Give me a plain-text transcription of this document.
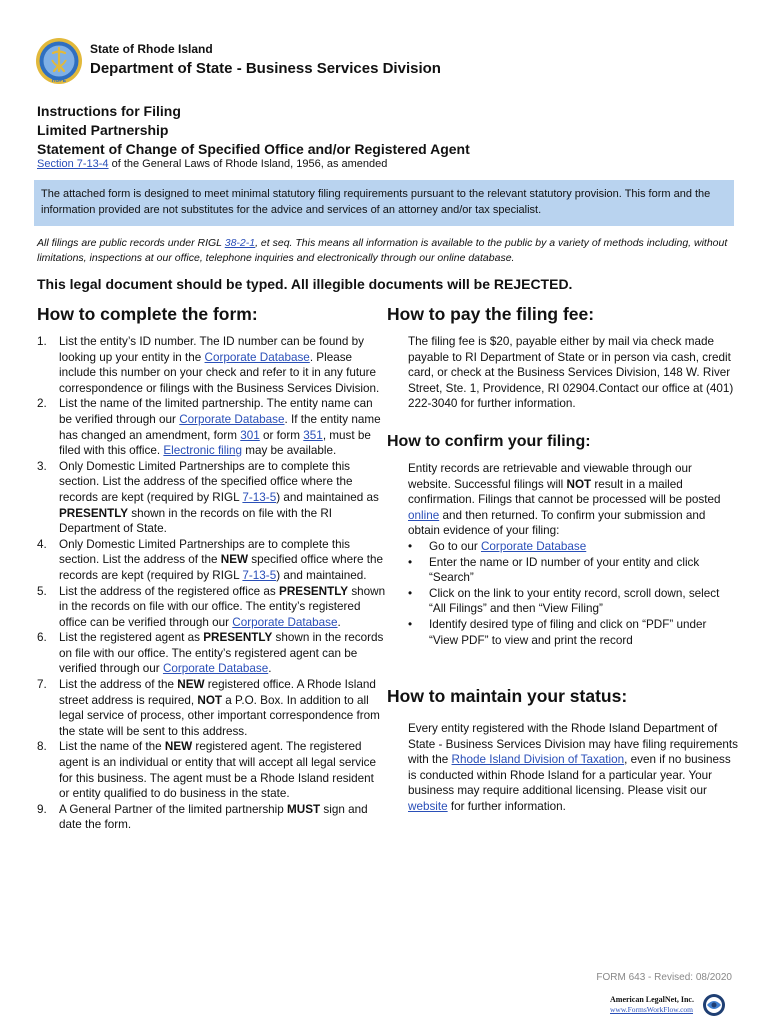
HOPE
State of Rhode Island
Department of State - Business Services Division
Instructions for Filing
Limited Partnership
Statement of Change of Specified Office and/or Registered Agent
Section 7-13-4 of the General Laws of Rhode Island, 1956, as amended
The attached form is designed to meet minimal statutory filing requirements pursuant to the relevant statutory provision. This form and the information provided are not substitutes for the advice and services of an attorney and/or tax specialist.
All filings are public records under RIGL 38-2-1, et seq. This means all information is available to the public by a variety of methods including, without limitations, inspections at our office, telephone inquiries and electronically through our online database.
This legal document should be typed. All illegible documents will be REJECTED.
How to complete the form:
1. List the entity’s ID number. The ID number can be found by looking up your entity in the Corporate Database. Please include this number on your check and refer to it in any future correspondence or filings with the Business Services Division.
2. List the name of the limited partnership. The entity name can be verified through our Corporate Database. If the entity name has changed an amendment, form 301 or form 351, must be filed with this office. Electronic filing may be available.
3. Only Domestic Limited Partnerships are to complete this section. List the address of the specified office where the records are kept (required by RIGL 7-13-5) and maintained as PRESENTLY shown in the records on file with the RI Department of State.
4. Only Domestic Limited Partnerships are to complete this section. List the address of the NEW specified office where the records are kept (required by RIGL 7-13-5) and maintained.
5. List the address of the registered office as PRESENTLY shown in the records on file with our office. The entity’s registered office can be verified through our Corporate Database.
6. List the registered agent as PRESENTLY shown in the records on file with our office. The entity’s registered agent can be verified through our Corporate Database.
7. List the address of the NEW registered office. A Rhode Island street address is required, NOT a P.O. Box. In addition to all legal service of process, other important correspondence from the state will be sent to this address.
8. List the name of the NEW registered agent. The registered agent is an individual or entity that will accept all legal service for this business. The agent must be a Rhode Island resident or entity qualified to do business in the state.
9. A General Partner of the limited partnership MUST sign and date the form.
How to pay the filing fee:
The filing fee is $20, payable either by mail via check made payable to RI Department of State or in person via cash, credit card, or check at the Business Services Division, 148 W. River Street, Ste. 1, Providence, RI 02904.Contact our office at (401) 222-3040 for further information.
How to confirm your filing:
Entity records are retrievable and viewable through our website. Successful filings will NOT result in a mailed confirmation. Filings that cannot be processed will be posted online and then returned. To confirm your submission and obtain evidence of your filing:
• Go to our Corporate Database
• Enter the name or ID number of your entity and click “Search”
• Click on the link to your entity record, scroll down, select “All Filings” and then “View Filing”
• Identify desired type of filing and click on “PDF” under “View PDF” to view and print the record
How to maintain your status:
Every entity registered with the Rhode Island Department of State - Business Services Division may have filing requirements with the Rhode Island Division of Taxation, even if no business is conducted within Rhode Island for a particular year. Your business may require additional licensing. Please visit our website for further information.
FORM 643 - Revised: 08/2020
American LegalNet, Inc.
www.FormsWorkFlow.com
